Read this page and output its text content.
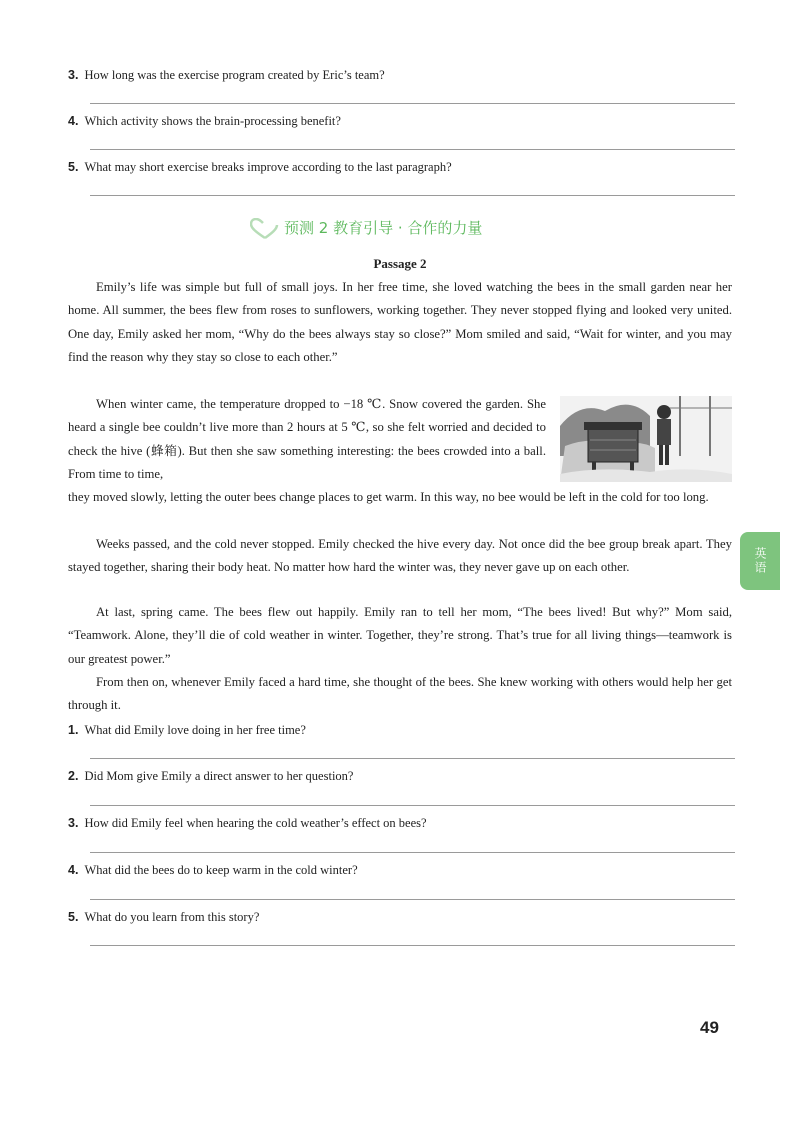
3. How long was the exercise program created by Eric’s team?
4. Which activity shows the brain-processing benefit?
5. What may short exercise breaks improve according to the last paragraph?
预测 2 教育引导 · 合作的力量
Passage 2
Emily’s life was simple but full of small joys. In her free time, she loved watching the bees in the small garden near her home. All summer, the bees flew from roses to sunflowers, working together. They never stopped flying and looked very united. One day, Emily asked her mom, “Why do the bees always stay so close?” Mom smiled and said, “Wait for winter, and you may find the reason why they stay so close to each other.”
When winter came, the temperature dropped to −18 ℃. Snow covered the garden. She heard a single bee couldn’t live more than 2 hours at 5 ℃, so she felt worried and decided to check the hive (蜂箱). But then she saw something interesting: the bees crowded into a ball. From time to time,
they moved slowly, letting the outer bees change places to get warm. In this way, no bee would be left in the cold for too long.
Weeks passed, and the cold never stopped. Emily checked the hive every day. Not once did the bee group break apart. They stayed together, sharing their body heat. No matter how hard the winter was, they never gave up on each other.
At last, spring came. The bees flew out happily. Emily ran to tell her mom, “The bees lived! But why?” Mom said, “Teamwork. Alone, they’ll die of cold weather in winter. Together, they’re strong. That’s true for all living things—teamwork is our greatest power.”
From then on, whenever Emily faced a hard time, she thought of the bees. She knew working with others would help her get through it.
1. What did Emily love doing in her free time?
2. Did Mom give Emily a direct answer to her question?
3. How did Emily feel when hearing the cold weather’s effect on bees?
4. What did the bees do to keep warm in the cold winter?
5. What do you learn from this story?
英语
49
